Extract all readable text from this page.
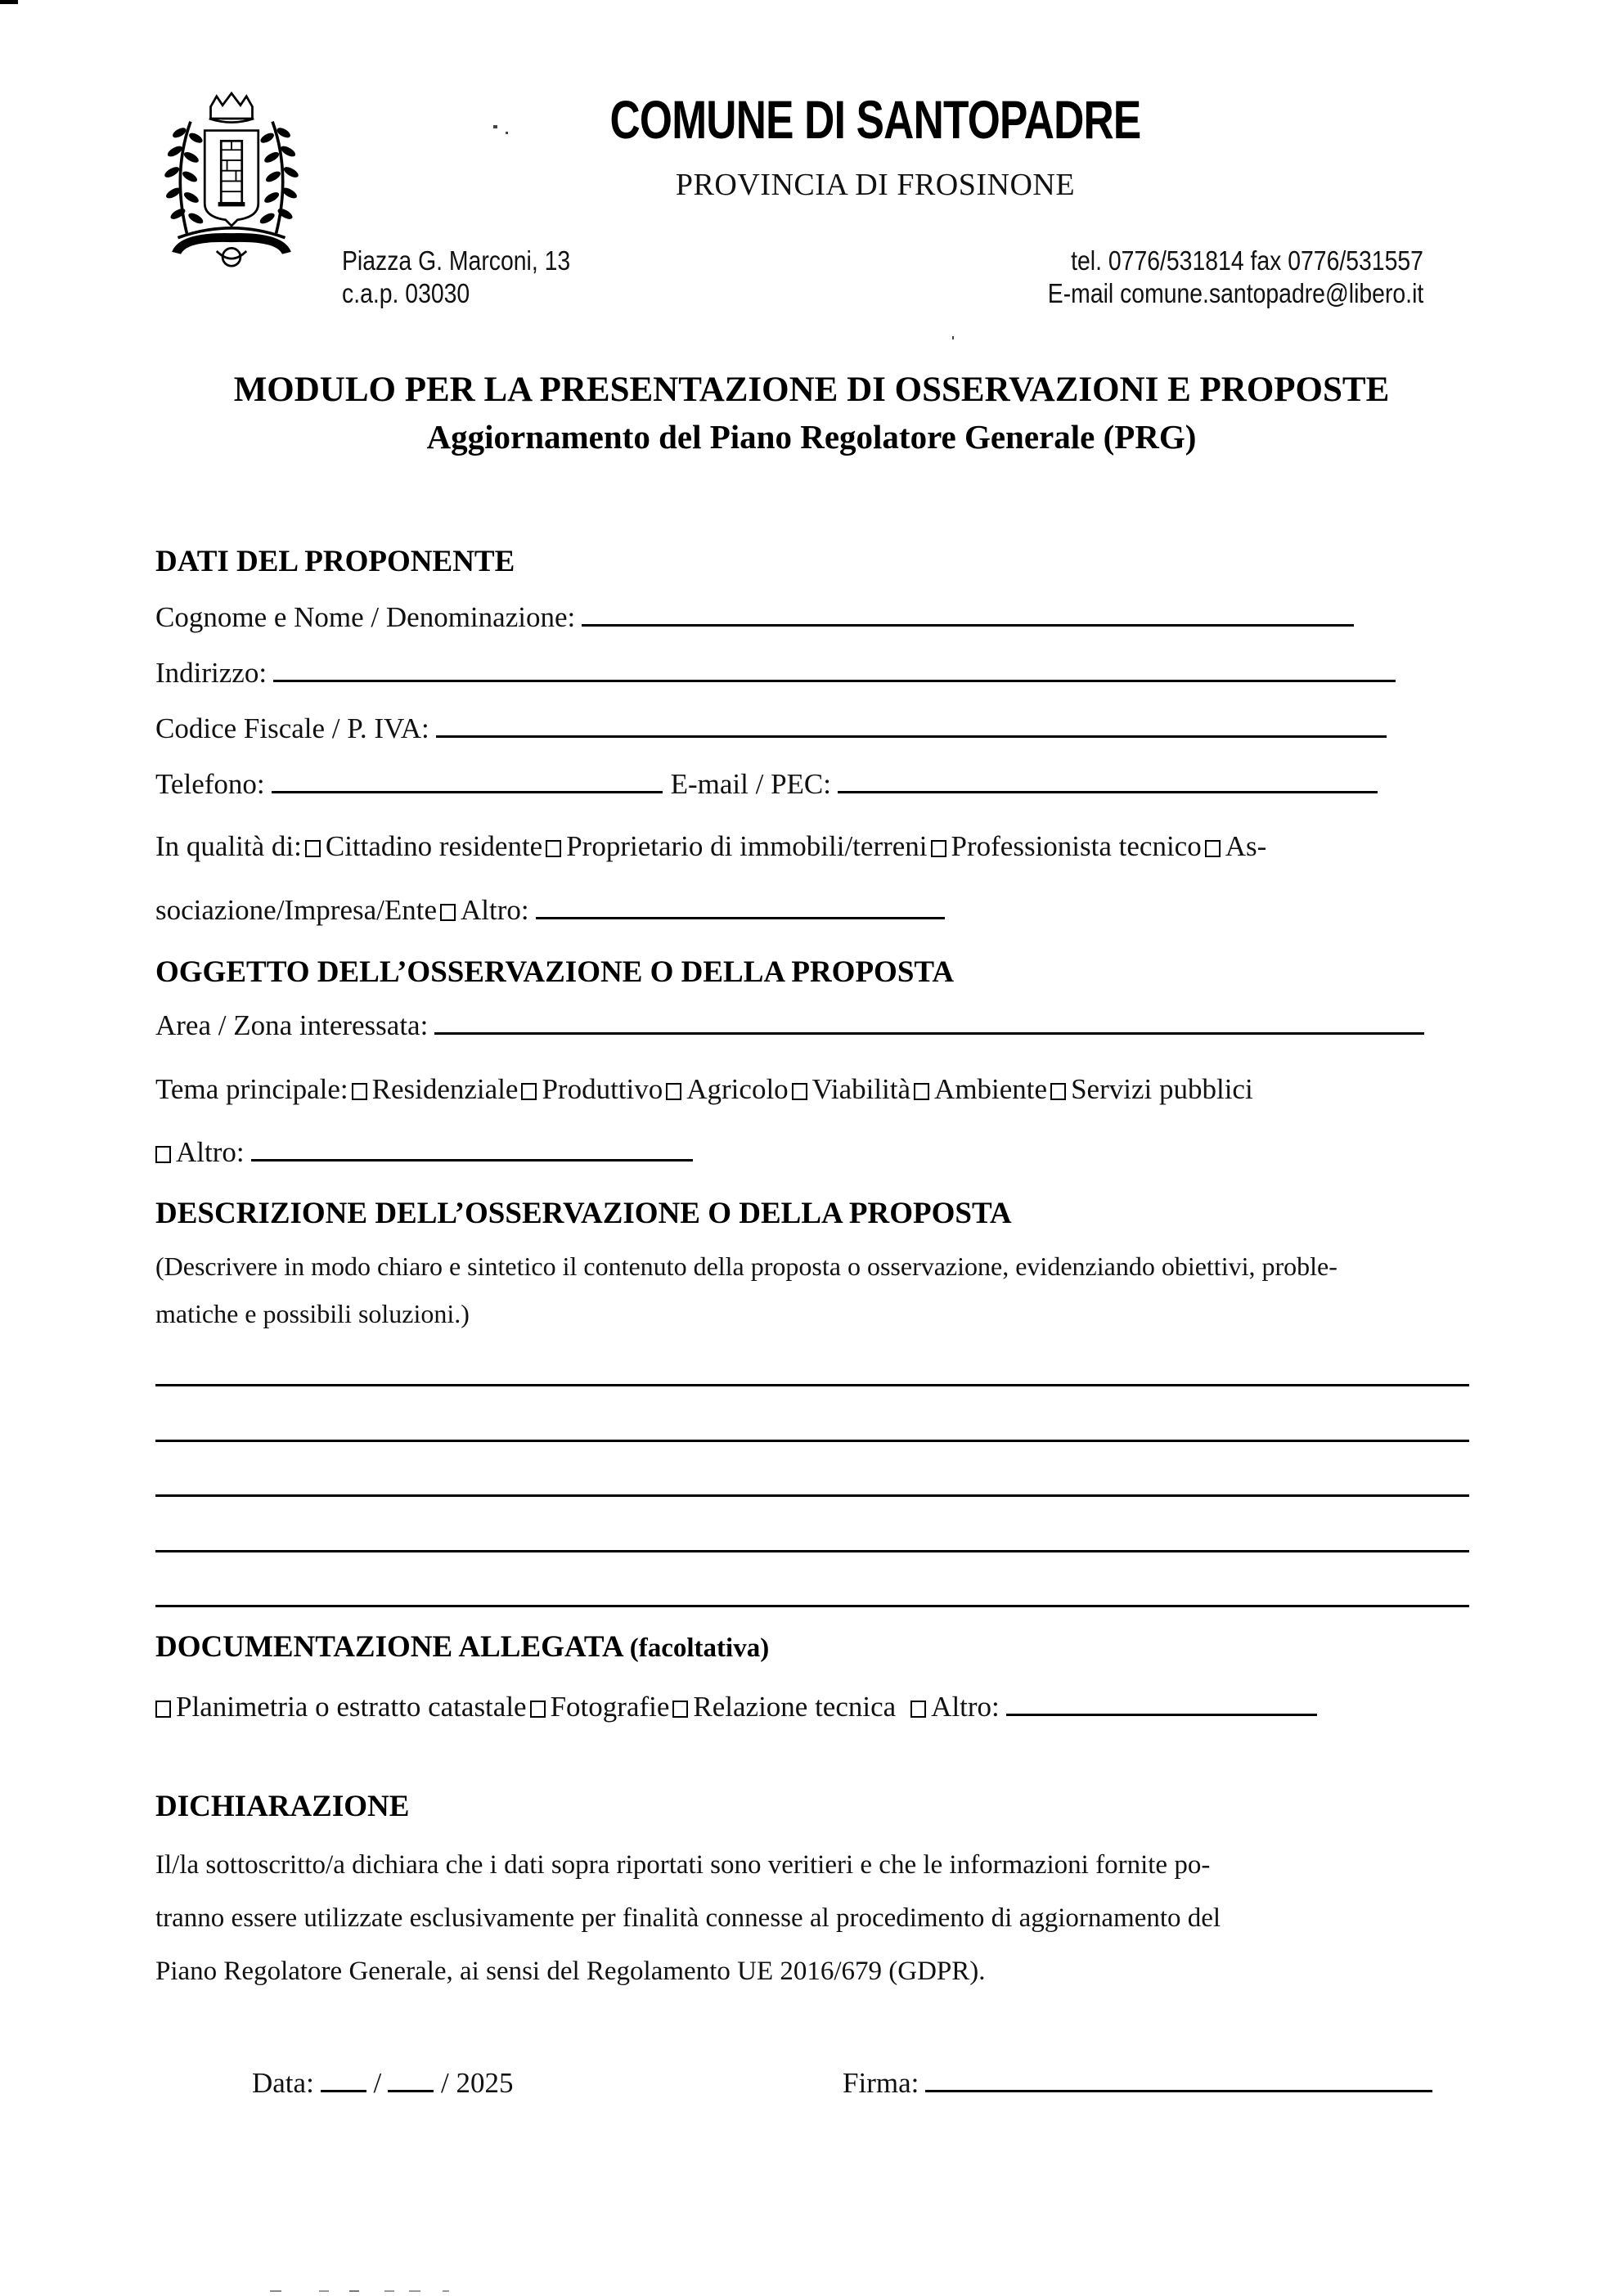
COMUNE DI SANTOPADRE
PROVINCIA DI FROSINONE
Piazza G. Marconi, 13
c.a.p. 03030
tel. 0776/531814 fax 0776/531557
E-mail comune.santopadre@libero.it
MODULO PER LA PRESENTAZIONE DI OSSERVAZIONI E PROPOSTE
Aggiornamento del Piano Regolatore Generale (PRG)
DATI DEL PROPONENTE
Cognome e Nome / Denominazione:
Indirizzo:
Codice Fiscale / P. IVA:
Telefono:	E-mail / PEC:
In qualità di: Cittadino residente Proprietario di immobili/terreni Professionista tecnico As-
sociazione/Impresa/Ente Altro:
OGGETTO DELL’OSSERVAZIONE O DELLA PROPOSTA
Area / Zona interessata:
Tema principale: Residenziale Produttivo Agricolo Viabilità Ambiente Servizi pubblici
Altro:
DESCRIZIONE DELL’OSSERVAZIONE O DELLA PROPOSTA
(Descrivere in modo chiaro e sintetico il contenuto della proposta o osservazione, evidenziando obiettivi, proble-
matiche e possibili soluzioni.)
DOCUMENTAZIONE ALLEGATA (facoltativa)
Planimetria o estratto catastale Fotografie Relazione tecnica Altro:
DICHIARAZIONE
Il/la sottoscritto/a dichiara che i dati sopra riportati sono veritieri e che le informazioni fornite po-
tranno essere utilizzate esclusivamente per finalità connesse al procedimento di aggiornamento del
Piano Regolatore Generale, ai sensi del Regolamento UE 2016/679 (GDPR).
Data: / / 2025	Firma:
